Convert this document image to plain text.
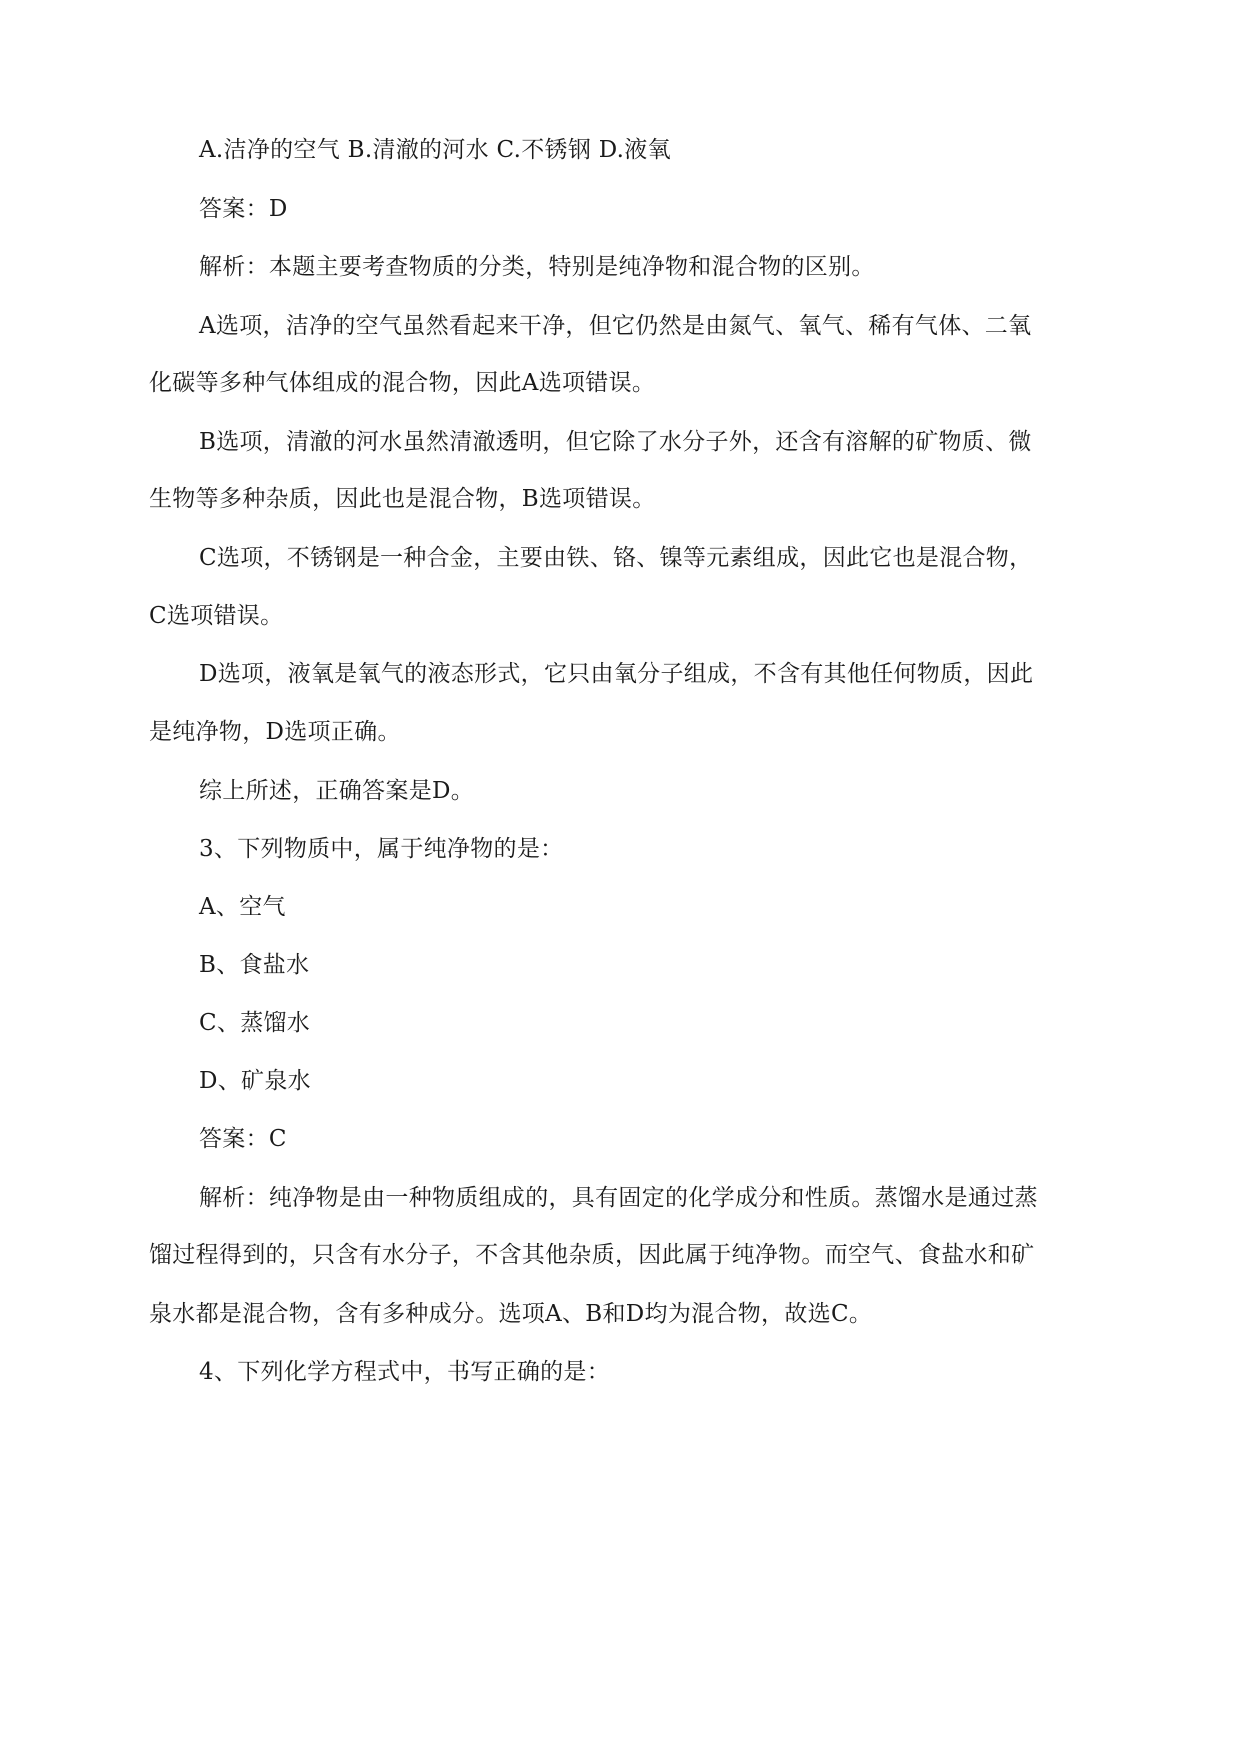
A.洁净的空气 B.清澈的河水 C.不锈钢 D.液氧
答案：D
解析：本题主要考查物质的分类，特别是纯净物和混合物的区别。
A选项，洁净的空气虽然看起来干净，但它仍然是由氮气、氧气、稀有气体、二氧
化碳等多种气体组成的混合物，因此A选项错误。
B选项，清澈的河水虽然清澈透明，但它除了水分子外，还含有溶解的矿物质、微
生物等多种杂质，因此也是混合物，B选项错误。
C选项，不锈钢是一种合金，主要由铁、铬、镍等元素组成，因此它也是混合物，
C选项错误。
D选项，液氧是氧气的液态形式，它只由氧分子组成，不含有其他任何物质，因此
是纯净物，D选项正确。
综上所述，正确答案是D。
3、下列物质中，属于纯净物的是：
A、空气
B、食盐水
C、蒸馏水
D、矿泉水
答案：C
解析：纯净物是由一种物质组成的，具有固定的化学成分和性质。蒸馏水是通过蒸
馏过程得到的，只含有水分子，不含其他杂质，因此属于纯净物。而空气、食盐水和矿
泉水都是混合物，含有多种成分。选项A、B和D均为混合物，故选C。
4、下列化学方程式中，书写正确的是：
